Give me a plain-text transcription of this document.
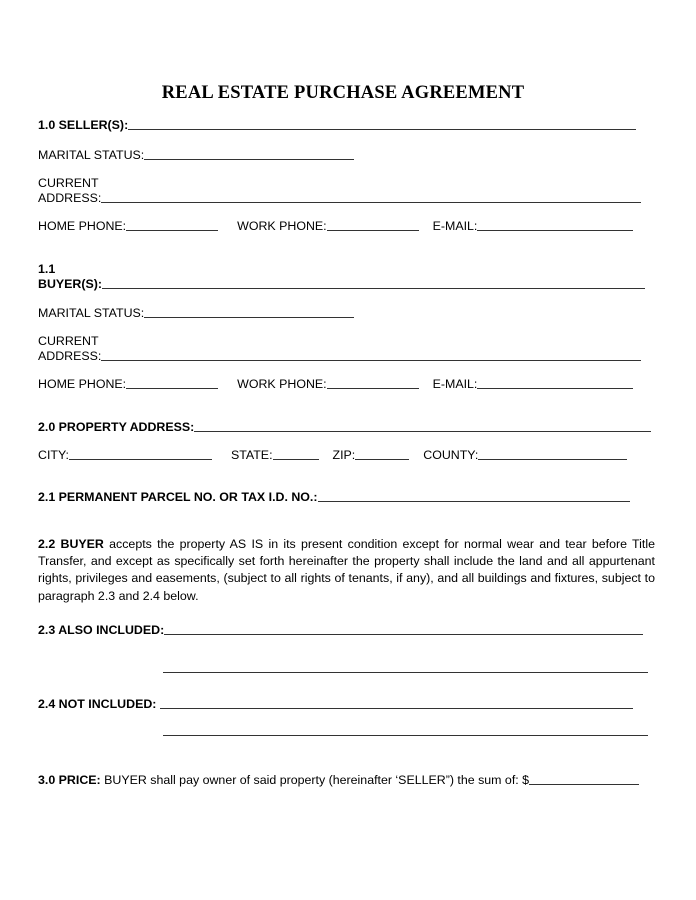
REAL ESTATE PURCHASE AGREEMENT
1.0 SELLER(S):
MARITAL STATUS:
CURRENT
ADDRESS:
HOME PHONE:	WORK PHONE:	E-MAIL:
1.1
BUYER(S):
MARITAL STATUS:
CURRENT
ADDRESS:
HOME PHONE:	WORK PHONE:	E-MAIL:
2.0 PROPERTY ADDRESS:
CITY:	STATE:	ZIP:	COUNTY:
2.1 PERMANENT PARCEL NO. OR TAX I.D. NO.:
2.2 BUYER accepts the property AS IS in its present condition except for normal wear and tear before Title Transfer, and except as specifically set forth hereinafter the property shall include the land and all appurtenant rights, privileges and easements, (subject to all rights of tenants, if any), and all buildings and fixtures, subject to paragraph 2.3 and 2.4 below.
2.3 ALSO INCLUDED:
2.4 NOT INCLUDED:
3.0 PRICE: BUYER shall pay owner of said property (hereinafter ‘SELLER”) the sum of: $
